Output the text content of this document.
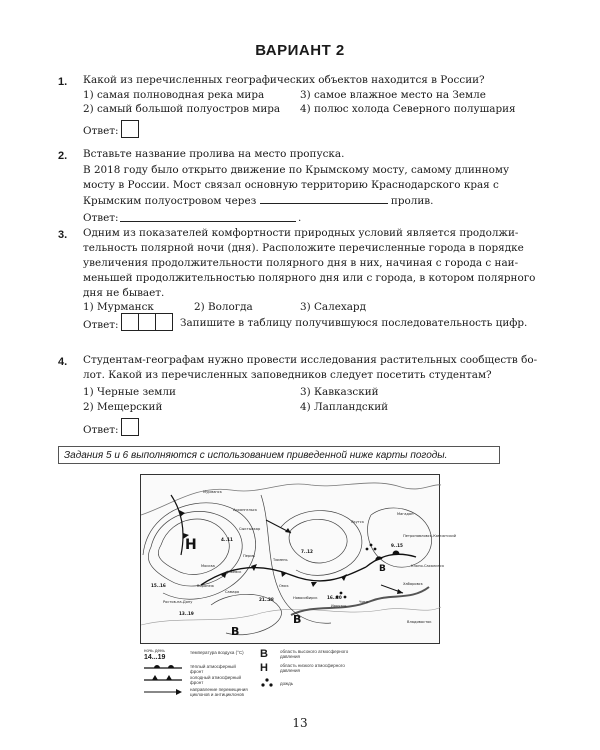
ВАРИАНТ 2
1. Какой из перечисленных географических объектов находится в России?
1) самая полноводная река мира
2) самый большой полуостров мира
3) самое влажное место на Земле
4) полюс холода Северного полушария
Ответ:
2. Вставьте название пролива на место пропуска.
В 2018 году было открыто движение по Крымскому мосту, самому длинному
мосту в России. Мост связал основную территорию Краснодарского края с
Крымским полуостровом через	пролив.
Ответ:	.
3. Одним из показателей комфортности природных условий является продолжи-
тельность полярной ночи (дня). Расположите перечисленные города в порядке
увеличения продолжительности полярного дня в них, начиная с города с наи-
меньшей продолжительностью полярного дня или с города, в котором полярного
дня не бывает.
1) Мурманск	2) Вологда	3) Салехард
Ответ:	Запишите в таблицу получившуюся последовательность цифр.
4. Студентам-географам нужно провести исследования растительных сообществ бо-
лот. Какой из перечисленных заповедников следует посетить студентам?
1) Черные земли
2) Мещерский
3) Кавказский
4) Лапландский
Ответ:
Задания 5 и 6 выполняются с использованием приведенной ниже карты погоды.
Н
В
В
В
Мурманск
Архангельск
Сыктывкар
Москва
Воронеж
Пермь
Тюмень
Ижевск
Ростов-на-Дону
Самара
Омск
Новосибирск
Якутск
Иркутск
Чита
Хабаровск
Магадан
Петропавловск-Камчатский
Южно-Сахалинск
Владивосток
4..11
7..12
15..16
13..19
21..28	16..20
9..15
ночь день
14...19
температура воздуха (°С)
тёплый атмосферный фронт
холодный атмосферный фронт
направление перемещения циклонов и антициклонов
В	область высокого атмосферного давления
Н	область низкого атмосферного давления
дождь
13
